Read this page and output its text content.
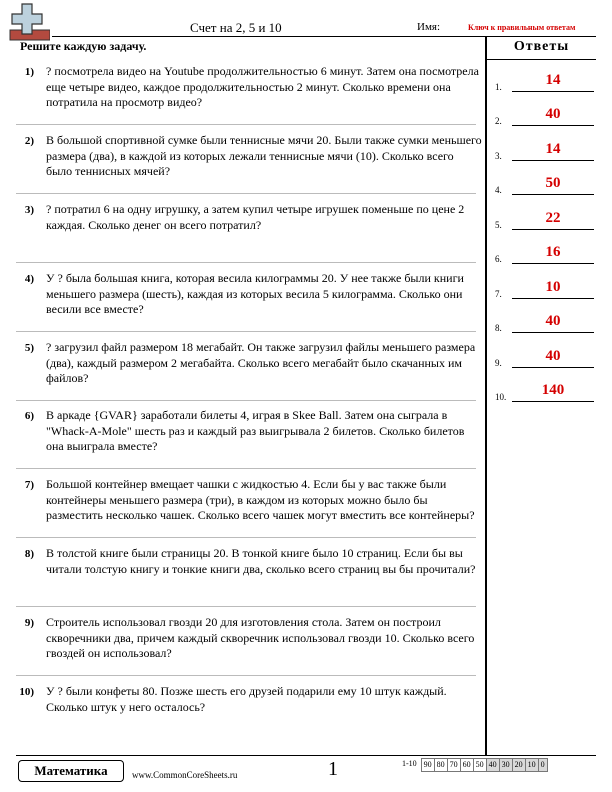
Счет на 2, 5 и 10	Имя:	Ключ к правильным ответам
Решите каждую задачу.	Ответы
1) ? посмотрела видео на Youtube продолжительностью 6 минут. Затем она посмотрела
еще четыре видео, каждое продолжительностью 2 минут. Сколько времени она
потратила на просмотр видео?
2) В большой спортивной сумке были теннисные мячи 20. Были также сумки меньшего
размера (два), в каждой из которых лежали теннисные мячи (10). Сколько всего
было теннисных мячей?
3) ? потратил 6 на одну игрушку, а затем купил четыре игрушек поменьше по цене 2
каждая. Сколько денег он всего потратил?
4) У ? была большая книга, которая весила килограммы 20. У нее также были книги
меньшего размера (шесть), каждая из которых весила 5 килограмма. Сколько они
весили все вместе?
5) ? загрузил файл размером 18 мегабайт. Он также загрузил файлы меньшего размера
(два), каждый размером 2 мегабайта. Сколько всего мегабайт было скачанных им
файлов?
6) В аркаде {GVAR} заработали билеты 4, играя в Skee Ball. Затем она сыграла в
"Whack-A-Mole" шесть раз и каждый раз выигрывала 2 билетов. Сколько билетов
она выиграла вместе?
7) Большой контейнер вмещает чашки с жидкостью 4. Если бы у вас также были
контейнеры меньшего размера (три), в каждом из которых можно было бы
разместить несколько чашек. Сколько всего чашек могут вместить все контейнеры?
8) В толстой книге были страницы 20. В тонкой книге было 10 страниц. Если бы вы
читали толстую книгу и тонкие книги два, сколько всего страниц вы бы прочитали?
9) Строитель использовал гвозди 20 для изготовления стола. Затем он построил
скворечники два, причем каждый скворечник использовал гвозди 10. Сколько всего
гвоздей он использовал?
10) У ? были конфеты 80. Позже шесть его друзей подарили ему 10 штук каждый.
Сколько штук у него осталось?
1.	14
2.	40
3.	14
4.	50
5.	22
6.	16
7.	10
8.	40
9.	40
10.	140
Математика	www.CommonCoreSheets.ru	1	1-10 90 80 70 60 50 40 30 20 10 0
